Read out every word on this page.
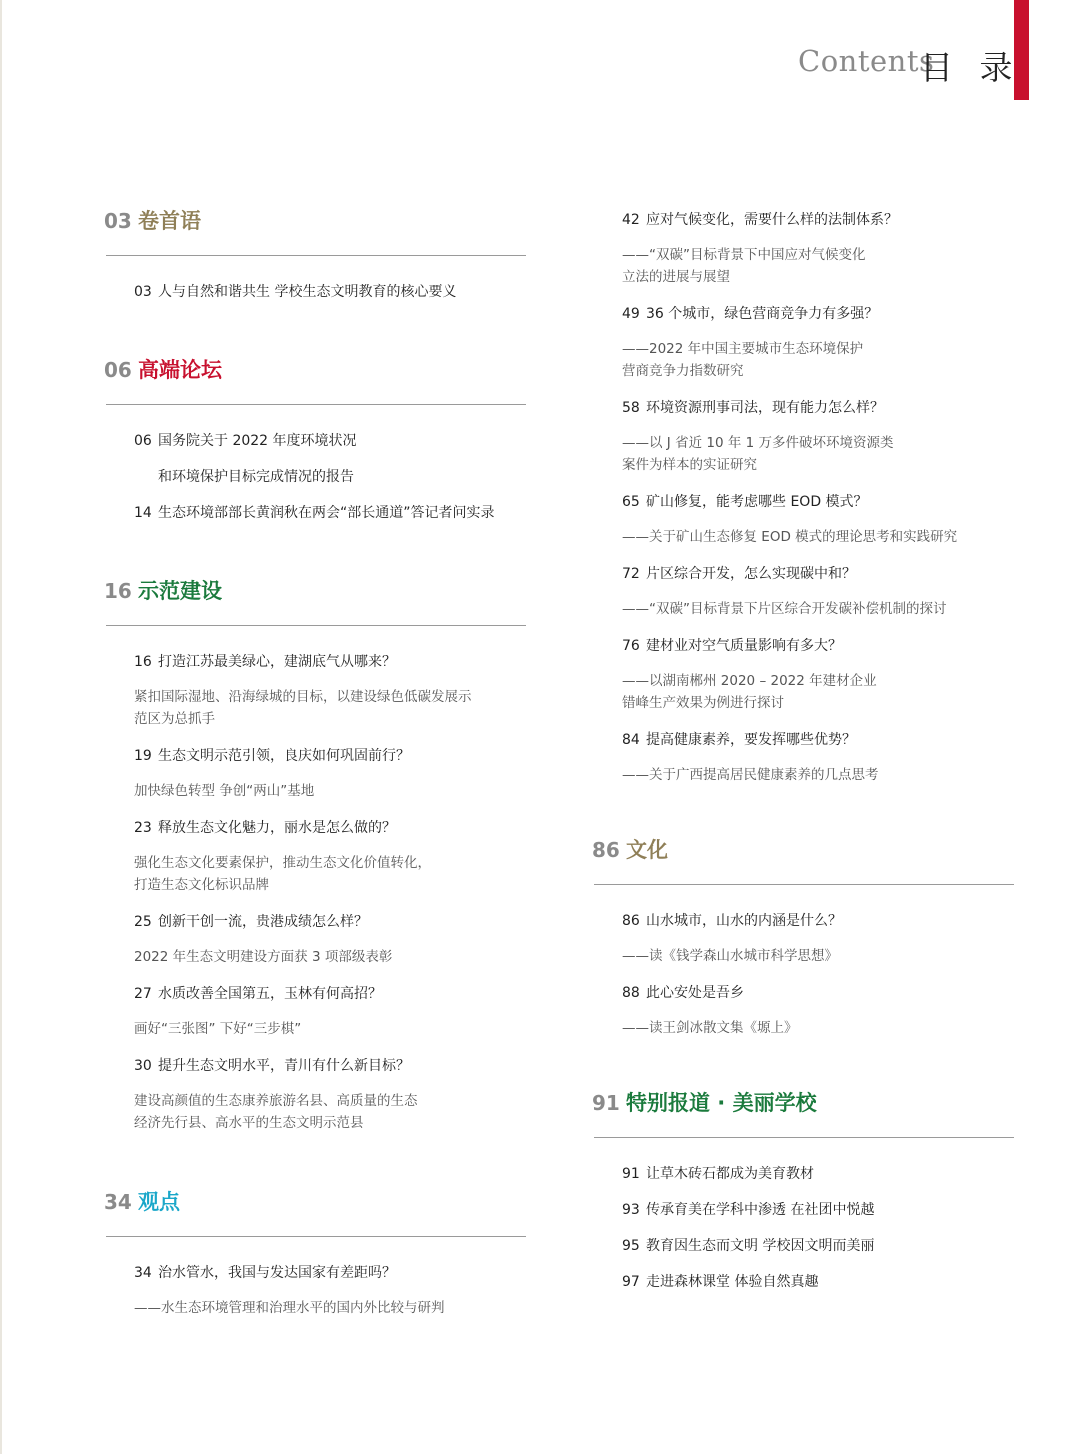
Contents
目 录
03 卷首语
03 人与自然和谐共生 学校生态文明教育的核心要义
06 高端论坛
06 国务院关于 2022 年度环境状况
和环境保护目标完成情况的报告
14 生态环境部部长黄润秋在两会“部长通道”答记者问实录
16 示范建设
16 打造江苏最美绿心，建湖底气从哪来？
紧扣国际湿地、沿海绿城的目标，以建设绿色低碳发展示
范区为总抓手
19 生态文明示范引领，良庆如何巩固前行？
加快绿色转型 争创“两山”基地
23 释放生态文化魅力，丽水是怎么做的？
强化生态文化要素保护，推动生态文化价值转化，
打造生态文化标识品牌
25 创新干创一流，贵港成绩怎么样？
2022 年生态文明建设方面获 3 项部级表彰
27 水质改善全国第五，玉林有何高招？
画好“三张图” 下好“三步棋”
30 提升生态文明水平，青川有什么新目标？
建设高颜值的生态康养旅游名县、高质量的生态
经济先行县、高水平的生态文明示范县
34 观点
34 治水管水，我国与发达国家有差距吗？
——水生态环境管理和治理水平的国内外比较与研判
42 应对气候变化，需要什么样的法制体系？
——“双碳”目标背景下中国应对气候变化
立法的进展与展望
49 36 个城市，绿色营商竞争力有多强？
——2022 年中国主要城市生态环境保护
营商竞争力指数研究
58 环境资源刑事司法，现有能力怎么样？
——以 J 省近 10 年 1 万多件破坏环境资源类
案件为样本的实证研究
65 矿山修复，能考虑哪些 EOD 模式？
——关于矿山生态修复 EOD 模式的理论思考和实践研究
72 片区综合开发，怎么实现碳中和？
——“双碳”目标背景下片区综合开发碳补偿机制的探讨
76 建材业对空气质量影响有多大？
——以湖南郴州 2020 – 2022 年建材企业
错峰生产效果为例进行探讨
84 提高健康素养，要发挥哪些优势？
——关于广西提高居民健康素养的几点思考
86 文化
86 山水城市，山水的内涵是什么？
——读《钱学森山水城市科学思想》
88 此心安处是吾乡
——读王剑冰散文集《塬上》
91 特别报道 · 美丽学校
91 让草木砖石都成为美育教材
93 传承育美在学科中渗透 在社团中悦越
95 教育因生态而文明 学校因文明而美丽
97 走进森林课堂 体验自然真趣
